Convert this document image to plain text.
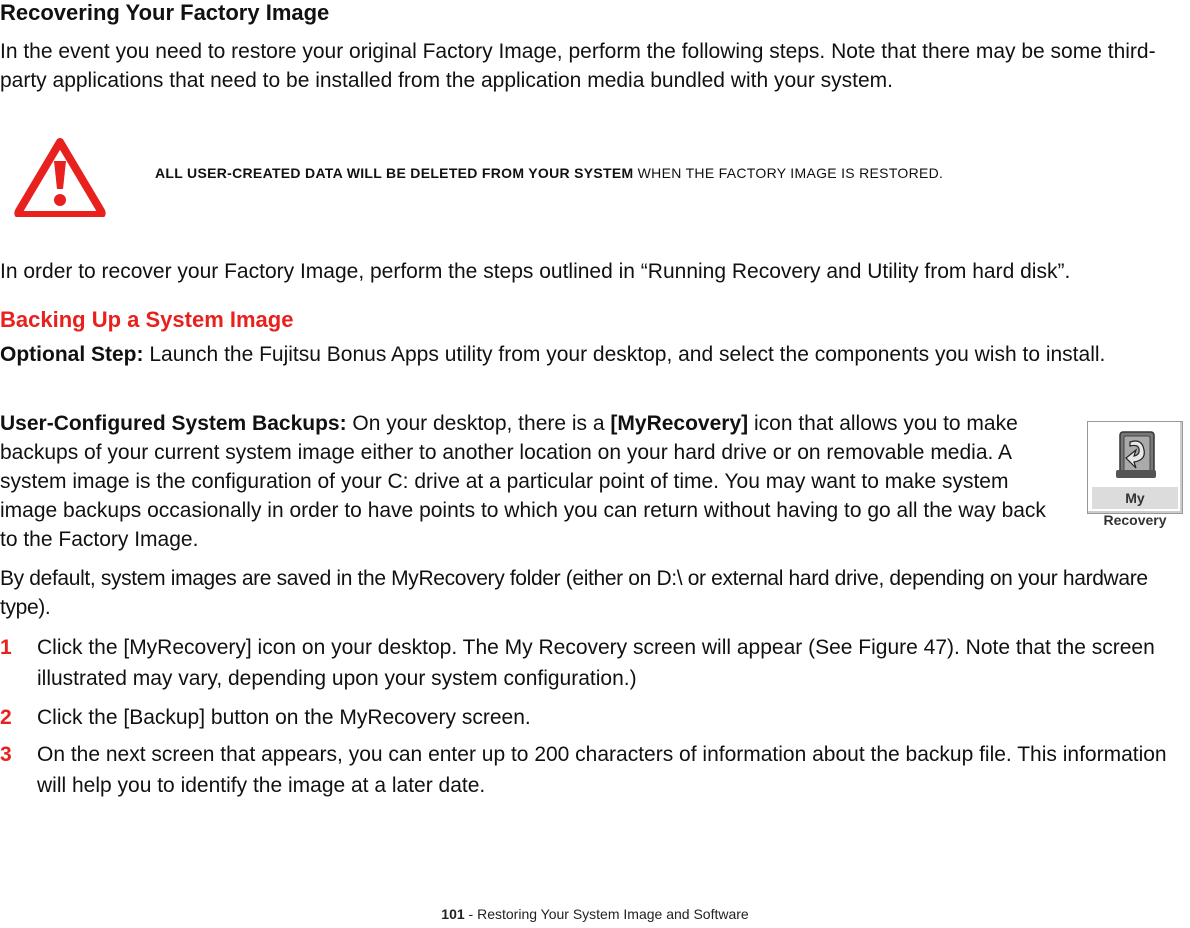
Recovering Your Factory Image
In the event you need to restore your original Factory Image, perform the following steps. Note that there may be some third-party applications that need to be installed from the application media bundled with your system.
ALL USER-CREATED DATA WILL BE DELETED FROM YOUR SYSTEM WHEN THE FACTORY IMAGE IS RESTORED.
In order to recover your Factory Image, perform the steps outlined in “Running Recovery and Utility from hard disk”.
Backing Up a System Image
Optional Step: Launch the Fujitsu Bonus Apps utility from your desktop, and select the components you wish to install.
User-Configured System Backups: On your desktop, there is a [MyRecovery] icon that allows you to make backups of your current system image either to another location on your hard drive or on removable media. A system image is the configuration of your C: drive at a particular point of time. You may want to make system image backups occasionally in order to have points to which you can return without having to go all the way back to the Factory Image.
My Recovery
By default, system images are saved in the MyRecovery folder (either on D:\ or external hard drive, depending on your hardware type).
1	Click the [MyRecovery] icon on your desktop. The My Recovery screen will appear (See Figure 47). Note that the screen illustrated may vary, depending upon your system configuration.)
2	Click the [Backup] button on the MyRecovery screen.
3	On the next screen that appears, you can enter up to 200 characters of information about the backup file. This information will help you to identify the image at a later date.
101 - Restoring Your System Image and Software
